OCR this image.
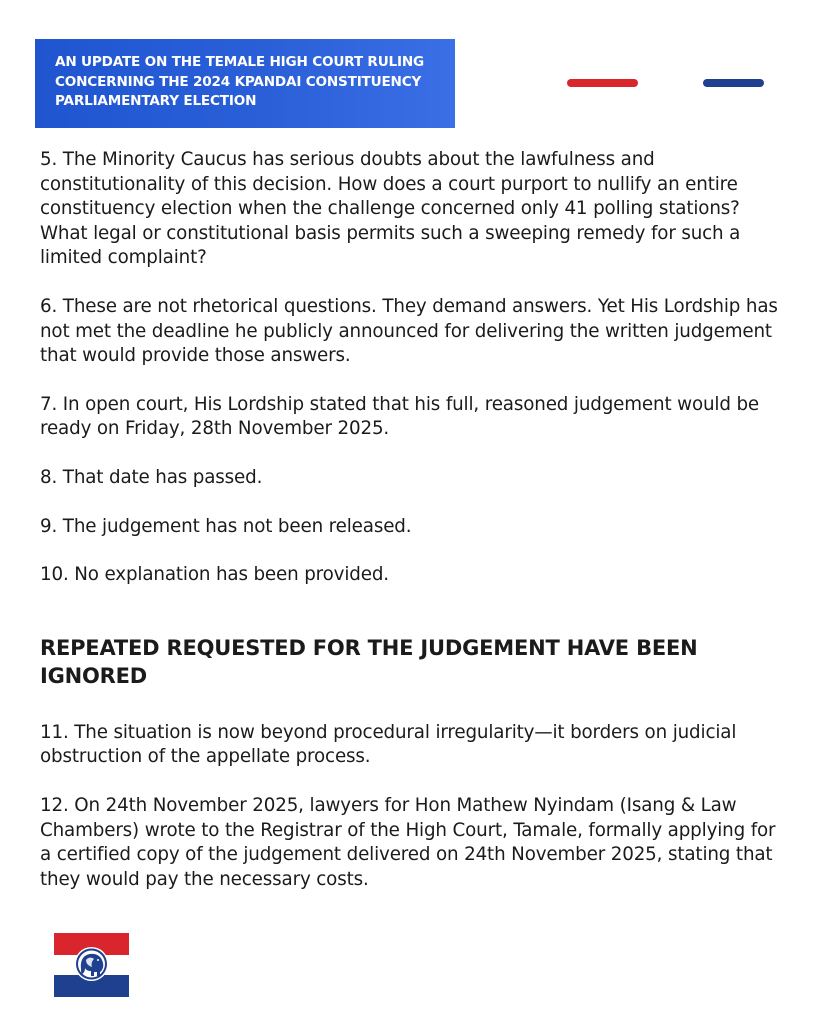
AN UPDATE ON THE TEMALE HIGH COURT RULING CONCERNING THE 2024 KPANDAI CONSTITUENCY PARLIAMENTARY ELECTION

5. The Minority Caucus has serious doubts about the lawfulness and constitutionality of this decision. How does a court purport to nullify an entire constituency election when the challenge concerned only 41 polling stations? What legal or constitutional basis permits such a sweeping remedy for such a limited complaint?

6. These are not rhetorical questions. They demand answers. Yet His Lordship has not met the deadline he publicly announced for delivering the written judgement that would provide those answers.

7. In open court, His Lordship stated that his full, reasoned judgement would be ready on Friday, 28th November 2025.

8. That date has passed.

9. The judgement has not been released.

10. No explanation has been provided.

REPEATED REQUESTED FOR THE JUDGEMENT HAVE BEEN IGNORED

11. The situation is now beyond procedural irregularity—it borders on judicial obstruction of the appellate process.

12. On 24th November 2025, lawyers for Hon Mathew Nyindam (Isang & Law Chambers) wrote to the Registrar of the High Court, Tamale, formally applying for a certified copy of the judgement delivered on 24th November 2025, stating that they would pay the necessary costs.
